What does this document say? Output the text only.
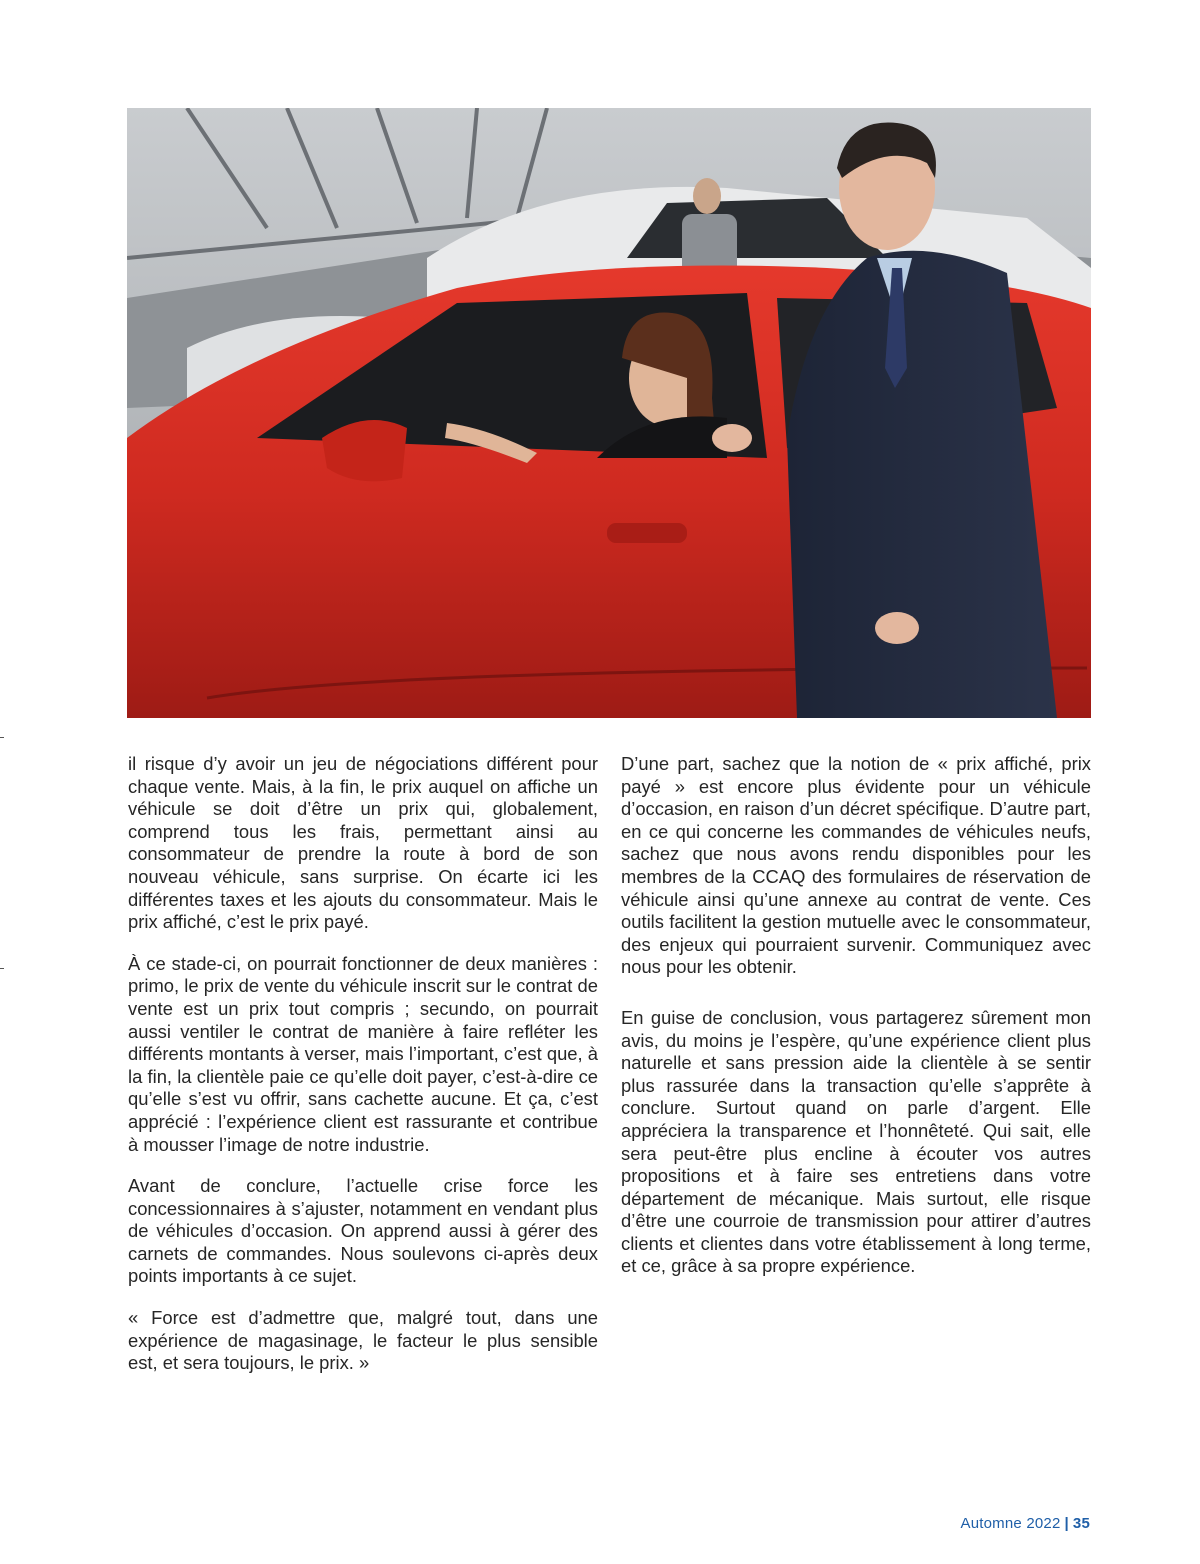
il risque d’y avoir un jeu de négociations différent pour chaque vente. Mais, à la fin, le prix auquel on affiche un véhicule se doit d’être un prix qui, globalement, comprend tous les frais, permettant ainsi au consommateur de prendre la route à bord de son nouveau véhicule, sans surprise. On écarte ici les différentes taxes et les ajouts du consommateur. Mais le prix affiché, c’est le prix payé.

À ce stade-ci, on pourrait fonctionner de deux manières : primo, le prix de vente du véhicule inscrit sur le contrat de vente est un prix tout compris ; secundo, on pourrait aussi ventiler le contrat de manière à faire refléter les différents montants à verser, mais l’important, c’est que, à la fin, la clientèle paie ce qu’elle doit payer, c’est-à-dire ce qu’elle s’est vu offrir, sans cachette aucune. Et ça, c’est apprécié : l’expérience client est rassurante et contribue à mousser l’image de notre industrie.

Avant de conclure, l’actuelle crise force les concessionnaires à s’ajuster, notamment en vendant plus de véhicules d’occasion. On apprend aussi à gérer des carnets de commandes. Nous soulevons ci-après deux points importants à ce sujet.

« Force est d’admettre que, malgré tout, dans une expérience de magasinage, le facteur le plus sensible est, et sera toujours, le prix. »

D’une part, sachez que la notion de « prix affiché, prix payé » est encore plus évidente pour un véhicule d’occasion, en raison d’un décret spécifique. D’autre part, en ce qui concerne les commandes de véhicules neufs, sachez que nous avons rendu disponibles pour les membres de la CCAQ des formulaires de réservation de véhicule ainsi qu’une annexe au contrat de vente. Ces outils facilitent la gestion mutuelle avec le consommateur, des enjeux qui pourraient survenir. Communiquez avec nous pour les obtenir.

En guise de conclusion, vous partagerez sûrement mon avis, du moins je l’espère, qu’une expérience client plus naturelle et sans pression aide la clientèle à se sentir plus rassurée dans la transaction qu’elle s’apprête à conclure. Surtout quand on parle d’argent. Elle appréciera la transparence et l’honnêteté. Qui sait, elle sera peut-être plus encline à écouter vos autres propositions et à faire ses entretiens dans votre département de mécanique. Mais surtout, elle risque d’être une courroie de transmission pour attirer d’autres clients et clientes dans votre établissement à long terme, et ce, grâce à sa propre expérience.

Automne 2022 | 35
